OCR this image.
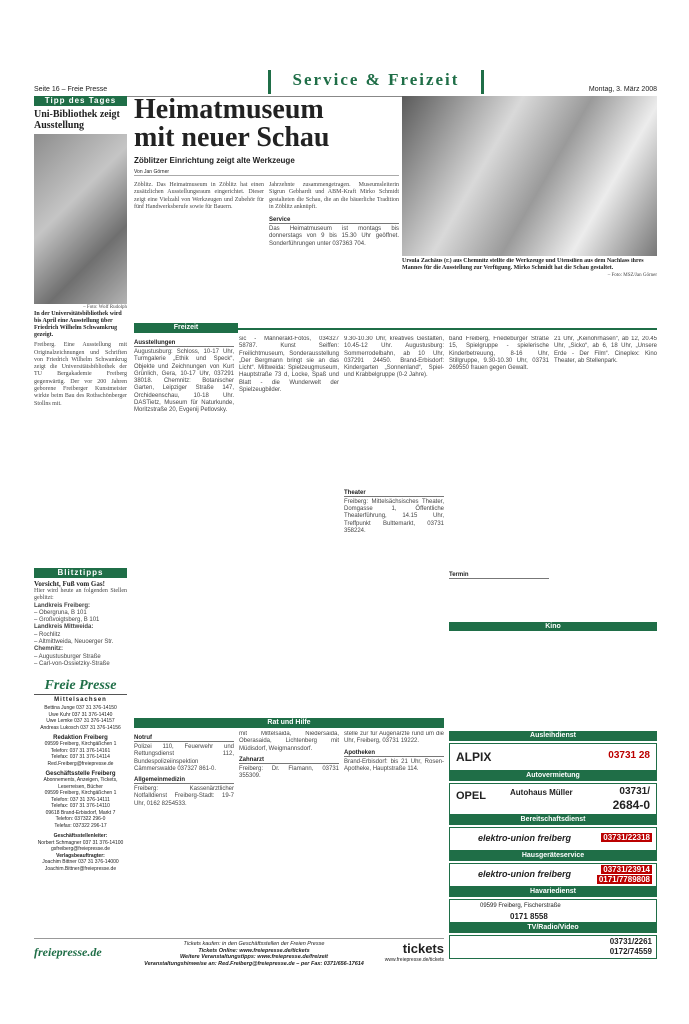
Seite 16 – Freie Presse
Service & Freizeit
Montag, 3. März 2008
Tipp des Tages
Uni-Bibliothek zeigt Ausstellung
– Foto: Wolf Rudolph
In der Universitätsbibliothek wird bis April eine Ausstellung über Friedrich Wilhelm Schwamkrug gezeigt.
Freiberg. Eine Ausstellung mit Originalzeichnungen und Schriften von Friedrich Wilhelm Schwamkrug zeigt die Universitätsbibliothek der TU Bergakademie Freiberg gegenwärtig. Der vor 200 Jahren geborene Freiberger Kunstmeister wirkte beim Bau des Rothschönberger Stollns mit.
Heimatmuseum
mit neuer Schau
Zöblitzer Einrichtung zeigt alte Werkzeuge
Von Jan Görner
Zöblitz. Das Heimatmuseum in Zöblitz hat einen zusätzlichen Ausstellungsraum eingerichtet. Dieser zeigt eine Vielzahl von Werkzeugen und Zubehör für fünf Handwerksberufe sowie für Bauern.
Jahrzehnte zusammengetragen. Museumsleiterin Sigrun Gebhardt und ABM-Kraft Mirko Schmidt gestalteten die Schau, die an die bäuerliche Tradition in Zöblitz anknüpft.
Service
Das Heimatmuseum ist montags bis donnerstags von 9 bis 15.30 Uhr geöffnet. Sonderführungen unter 037363 704.
Ursula Zachäus (r.) aus Chemnitz stellte die Werkzeuge und Utensilien aus dem Nachlass ihres Mannes für die Ausstellung zur Verfügung. Mirko Schmidt hat die Schau gestaltet.
– Foto: MSZ/Jan Görner
Blitztipps
Vorsicht, Fuß vom Gas!
Hier wird heute an folgenden Stellen geblitzt:
Landkreis Freiberg:
– Obergruna, B 101
– Großvoigtsberg, B 101
Landkreis Mittweida:
– Rochlitz
– Altmittweida, Neuoerger Str.
Chemnitz:
– Augustusburger Straße
– Carl-von-Ossietzky-Straße
Freie Presse
Mittelsachsen
Bettina Junge 037 31 376-14150
Uwe Kuhr 037 31 376-14140
Uwe Lemke 037 31 376-14157
Andreas Lukosch 037 31 376-14156
Redaktion Freiberg
09599 Freiberg, Kirchgäßchen 1
Telefon: 037 31 376-14161
Telefax: 037 31 376-14114
Red.Freiberg@freiepresse.de
Geschäftsstelle Freiberg
Abonnements, Anzeigen, Tickets, Leserreisen, Bücher
09599 Freiberg, Kirchgäßchen 1
Telefon: 037 31 376-14111
Telefax: 037 31 376-14110
09618 Brand-Erbisdorf, Markt 7
Telefon: 037322 296-0
Telefax: 037322 296-17
Geschäftsstellenleiter:
Norbert Schmagner 037 31 376-14100
gsfreiberg@freiepresse.de
Verlagsbeauftragter:
Joachim Bittner 037 31 376-14000
Joachim.Bittner@freiepresse.de
Freizeit
Ausstellungen
Augustusburg: Schloss, 10-17 Uhr, Turmgalerie „Ethik und Speck“, Objekte und Zeichnungen von Kurt Grünlich, Gera, 10-17 Uhr, 037291 38018. Chemnitz: Botanischer Garten, Leipziger Straße 147, Orchideenschau, 10-18 Uhr. DASTietz, Museum für Naturkunde, Moritzstraße 20, Evgenij Petlovsky.
sic - Männerakt-Fotos, 034327 58787. Kunst Seiffen: Freilichtmuseum, Sonderausstellung „Der Bergmann bringt sie an das Licht“. Mittweida: Spielzeugmuseum, Hauptstraße 73 d, Locke, Spaß und Blatt - die Wunderwelt der Spielzeugbilder.
9.30-10.30 Uhr, kreatives Gestalten, 10.45-12 Uhr. Augustusburg: Sommerrodelbahn, ab 10 Uhr, 037291 24450. Brand-Erbisdorf: Kindergarten „Sonnenland“, Spiel- und Krabbelgruppe (0-2 Jahre).
Theater
Freiberg: Mittelsächsisches Theater, Domgasse 1, Öffentliche Theaterführung, 14.15 Uhr, Treffpunkt Bulttemarkt, 03731 358224.
band Freiberg, Friedeburger Straße 15, Spielgruppe - spielerische Kinderbetreuung, 8-16 Uhr, Stillgruppe, 9.30-10.30 Uhr, 03731 269550 frauen gegen Gewalt.
Termin
21 Uhr, „Keinohrhasen“, ab 12, 20.45 Uhr, „Sicko“, ab 6, 18 Uhr, „Unsere Erde - Der Film“. Cineplex: Kino Theater, ab Stellenpark.
Kino
Rat und Hilfe
Notruf
Polizei 110, Feuerwehr und Rettungsdienst 112, Bundespolizeiinspektion Cämmerswalde 037327 861-0.
Allgemeinmedizin
Freiberg: Kassenärztlicher Notfalldienst Freiberg-Stadt: 19-7 Uhr, 0162 8254533.
mit Mittelsaida, Niedersaida, Oberasaida, Lichtenberg mit Müdisdorf, Weigmannsdorf.
Zahnarzt
Freiberg: Dr. Flamann, 03731 355309.
stelle zur für Augenärzte rund um die Uhr, Freiberg, 03731 19222.
Apotheken
Brand-Erbisdorf: bis 21 Uhr, Rosen-Apotheke, Hauptstraße 114.
Ausleihdienst
ALPIX	03731 28
Autovermietung
OPEL	Autohaus Müller	03731/
2684-0
Bereitschaftsdienst
elektro-union freiberg	03731/22318
Hausgeräteservice
elektro-union freiberg	03731/23914
0171/7789808
Havariedienst
09599 Freiberg, Fischerstraße
0171 8558
TV/Radio/Video
03731/2261
0172/74559
freiepresse.de
Tickets kaufen: in den Geschäftsstellen der Freien Presse
Tickets Online: www.freiepresse.de/tickets
Weitere Veranstaltungstipps: www.freiepresse.de/freizeit
Veranstaltungshinweise an: Red.Freiberg@freiepresse.de – per Fax: 0371/656-17614
tickets
www.freiepresse.de/tickets
